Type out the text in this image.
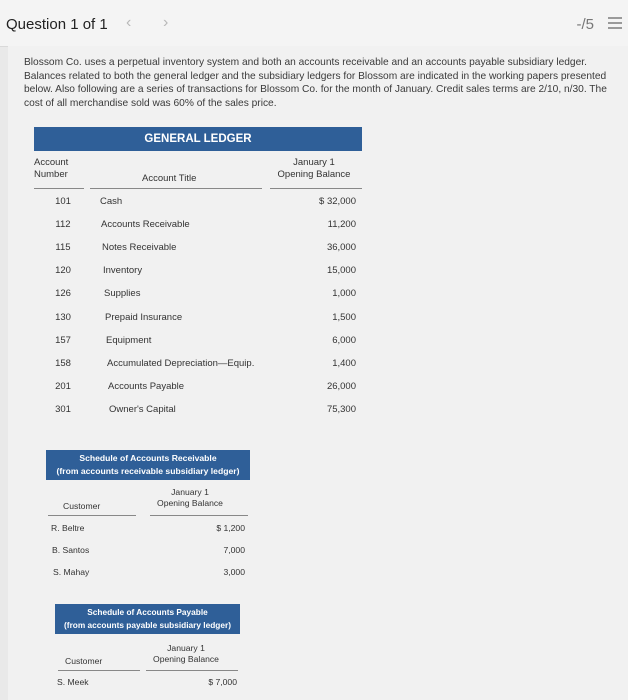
Question 1 of 1 ‹ ›	-/5
Blossom Co. uses a perpetual inventory system and both an accounts receivable and an accounts payable subsidiary ledger. Balances related to both the general ledger and the subsidiary ledgers for Blossom are indicated in the working papers presented below. Also following are a series of transactions for Blossom Co. for the month of January. Credit sales terms are 2/10, n/30. The cost of all merchandise sold was 60% of the sales price.
GENERAL LEDGER
Account
Number	Account Title
January 1
Opening Balance
101	Cash	$ 32,000
112	Accounts Receivable	11,200
115	Notes Receivable	36,000
120	Inventory	15,000
126	Supplies	1,000
130	Prepaid Insurance	1,500
157	Equipment	6,000
158	Accumulated Depreciation—Equip.	1,400
201	Accounts Payable	26,000
301	Owner's Capital	75,300
Schedule of Accounts Receivable
(from accounts receivable subsidiary ledger)
Customer
January 1
Opening Balance
R. Beltre	$ 1,200
B. Santos	7,000
S. Mahay	3,000
Schedule of Accounts Payable
(from accounts payable subsidiary ledger)
Customer
January 1
Opening Balance
S. Meek	$ 7,000
